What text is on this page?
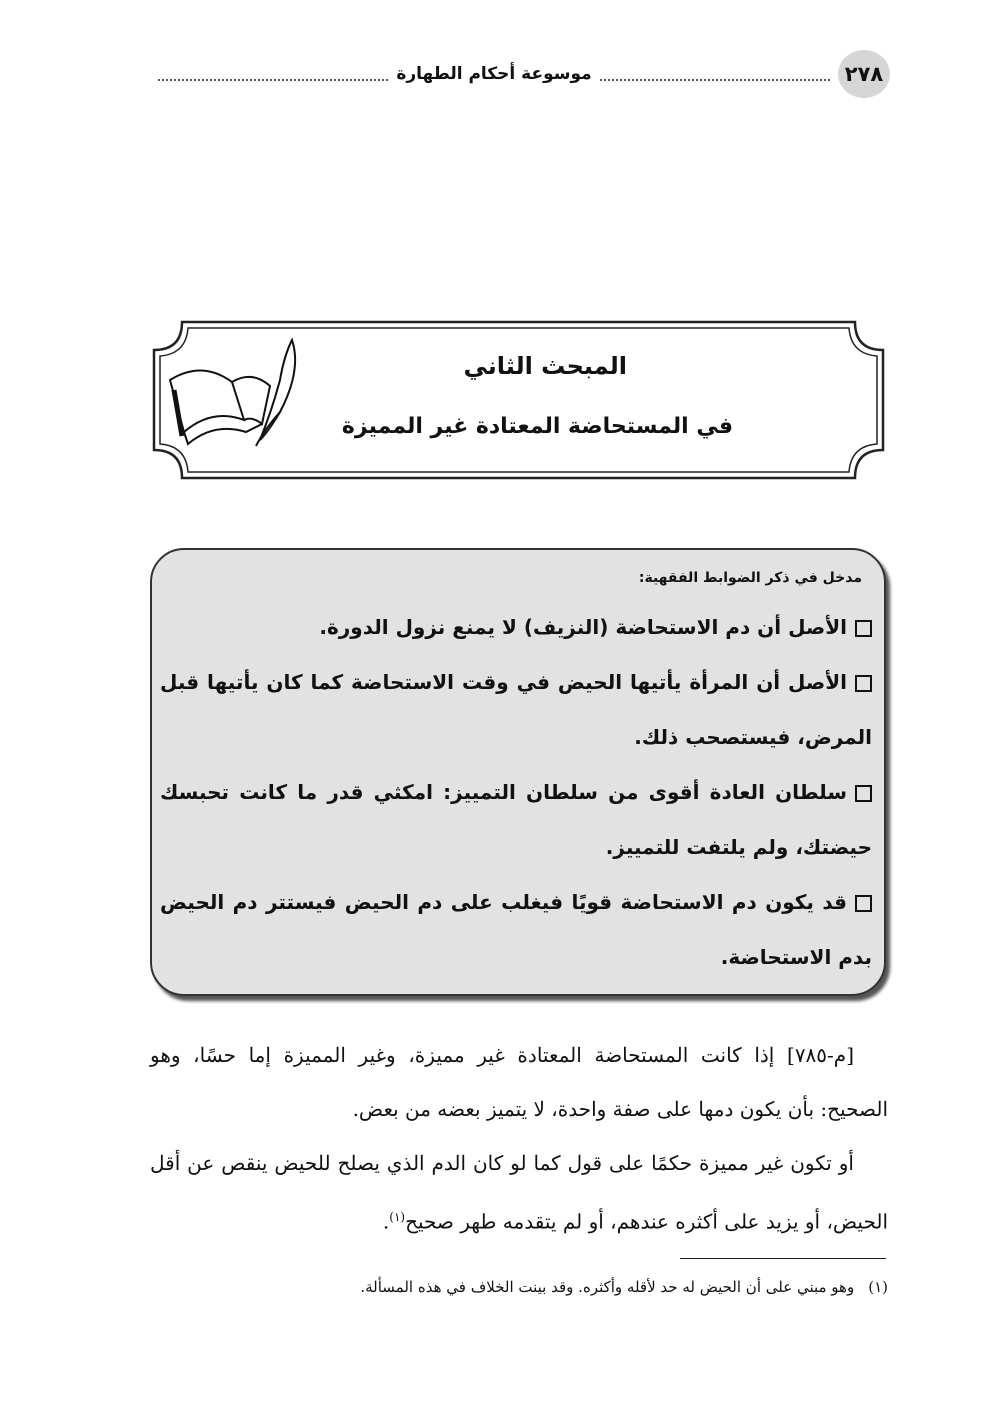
٢٧٨
موسوعة أحكام الطهارة
المبحث الثاني
في المستحاضة المعتادة غير المميزة
مدخل في ذكر الضوابط الفقهية:
الأصل أن دم الاستحاضة (النزيف) لا يمنع نزول الدورة.
الأصل أن المرأة يأتيها الحيض في وقت الاستحاضة كما كان يأتيها قبل المرض، فيستصحب ذلك.
سلطان العادة أقوى من سلطان التمييز: امكثي قدر ما كانت تحبسك حيضتك، ولم يلتفت للتمييز.
قد يكون دم الاستحاضة قويًا فيغلب على دم الحيض فيستتر دم الحيض بدم الاستحاضة.

[م-٧٨٥] إذا كانت المستحاضة المعتادة غير مميزة، وغير المميزة إما حسًا، وهو الصحيح: بأن يكون دمها على صفة واحدة، لا يتميز بعضه من بعض.

أو تكون غير مميزة حكمًا على قول كما لو كان الدم الذي يصلح للحيض ينقص عن أقل الحيض، أو يزيد على أكثره عندهم، أو لم يتقدمه طهر صحيح$^{(١)}$.

(١)وهو مبني على أن الحيض له حد لأقله وأكثره. وقد بينت الخلاف في هذه المسألة.
